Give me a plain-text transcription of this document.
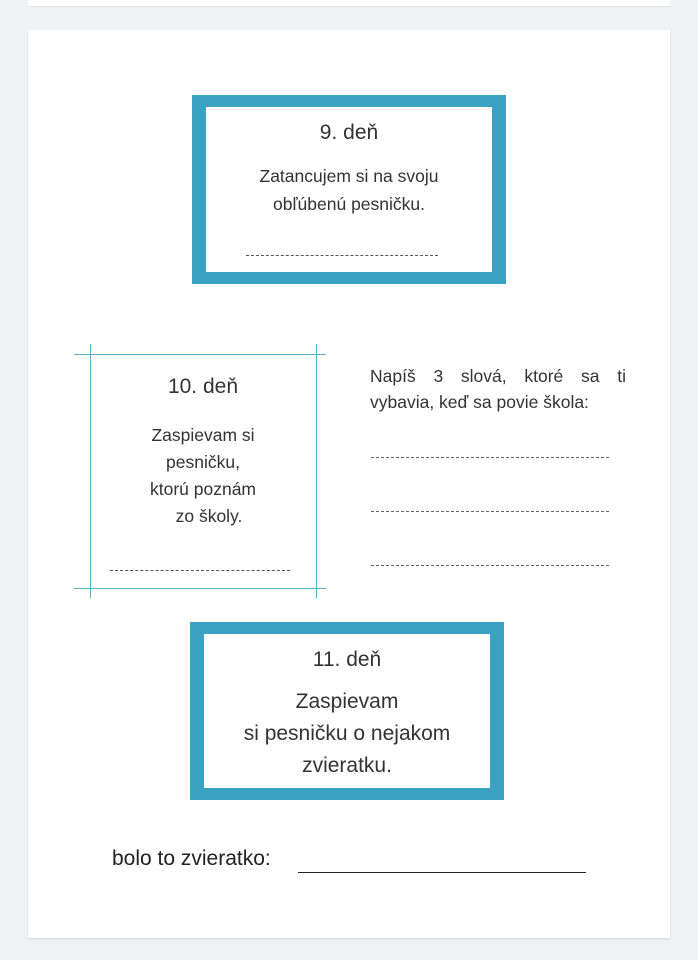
9. deň
Zatancujem si na svoju
obľúbenú pesničku.
10. deň
Zaspievam si
pesničku,
ktorú poznám
zo školy.
Napíš 3 slová, ktoré sa ti
vybavia, keď sa povie škola:
11. deň
Zaspievam
si pesničku o nejakom
zvieratku.
bolo to zvieratko:
